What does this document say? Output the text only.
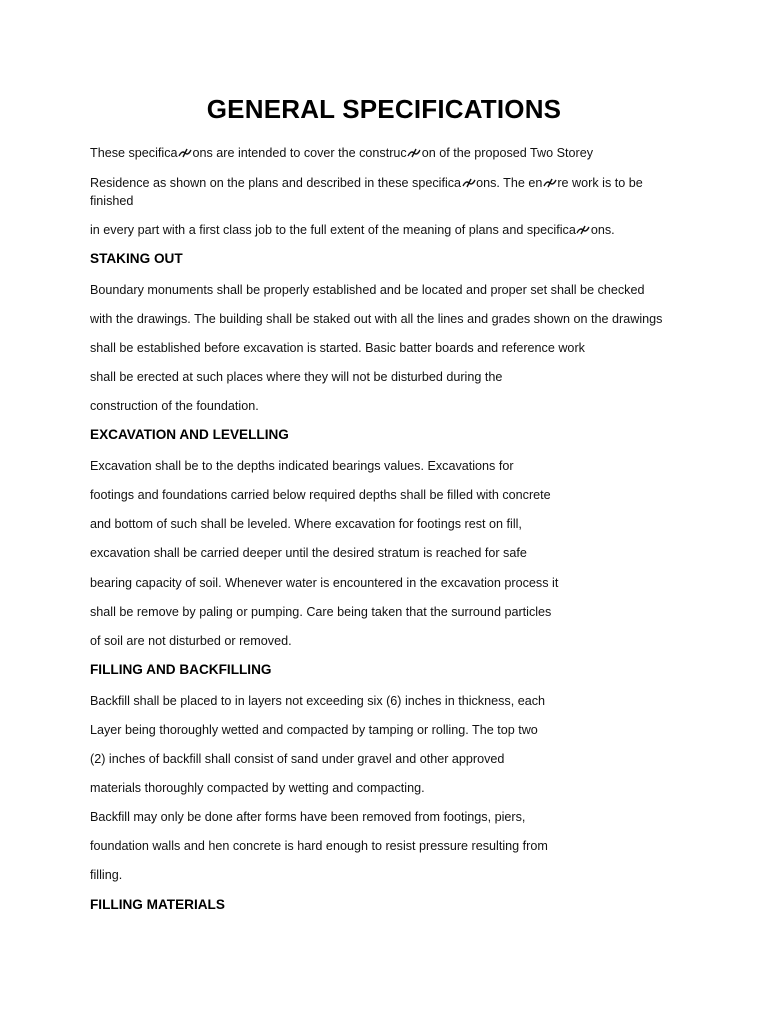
GENERAL SPECIFICATIONS
These specifica ons are intended to cover the construc on of the proposed Two Storey
Residence as shown on the plans and described in these specifica ons. The en re work is to be
finished
in every part with a first class job to the full extent of the meaning of plans and specifica ons.
STAKING OUT
Boundary monuments shall be properly established and be located and proper set shall be checked
with the drawings. The building shall be staked out with all the lines and grades shown on the drawings
shall be established before excavation is started. Basic batter boards and reference work
shall be erected at such places where they will not be disturbed during the
construction of the foundation.
EXCAVATION AND LEVELLING
Excavation shall be to the depths indicated bearings values. Excavations for
footings and foundations carried below required depths shall be filled with concrete
and bottom of such shall be leveled. Where excavation for footings rest on fill,
excavation shall be carried deeper until the desired stratum is reached for safe
bearing capacity of soil. Whenever water is encountered in the excavation process it
shall be remove by paling or pumping. Care being taken that the surround particles
of soil are not disturbed or removed.
FILLING AND BACKFILLING
Backfill shall be placed to in layers not exceeding six (6) inches in thickness, each
Layer being thoroughly wetted and compacted by tamping or rolling. The top two
(2) inches of backfill shall consist of sand under gravel and other approved
materials thoroughly compacted by wetting and compacting.
Backfill may only be done after forms have been removed from footings, piers,
foundation walls and hen concrete is hard enough to resist pressure resulting from
filling.
FILLING MATERIALS
